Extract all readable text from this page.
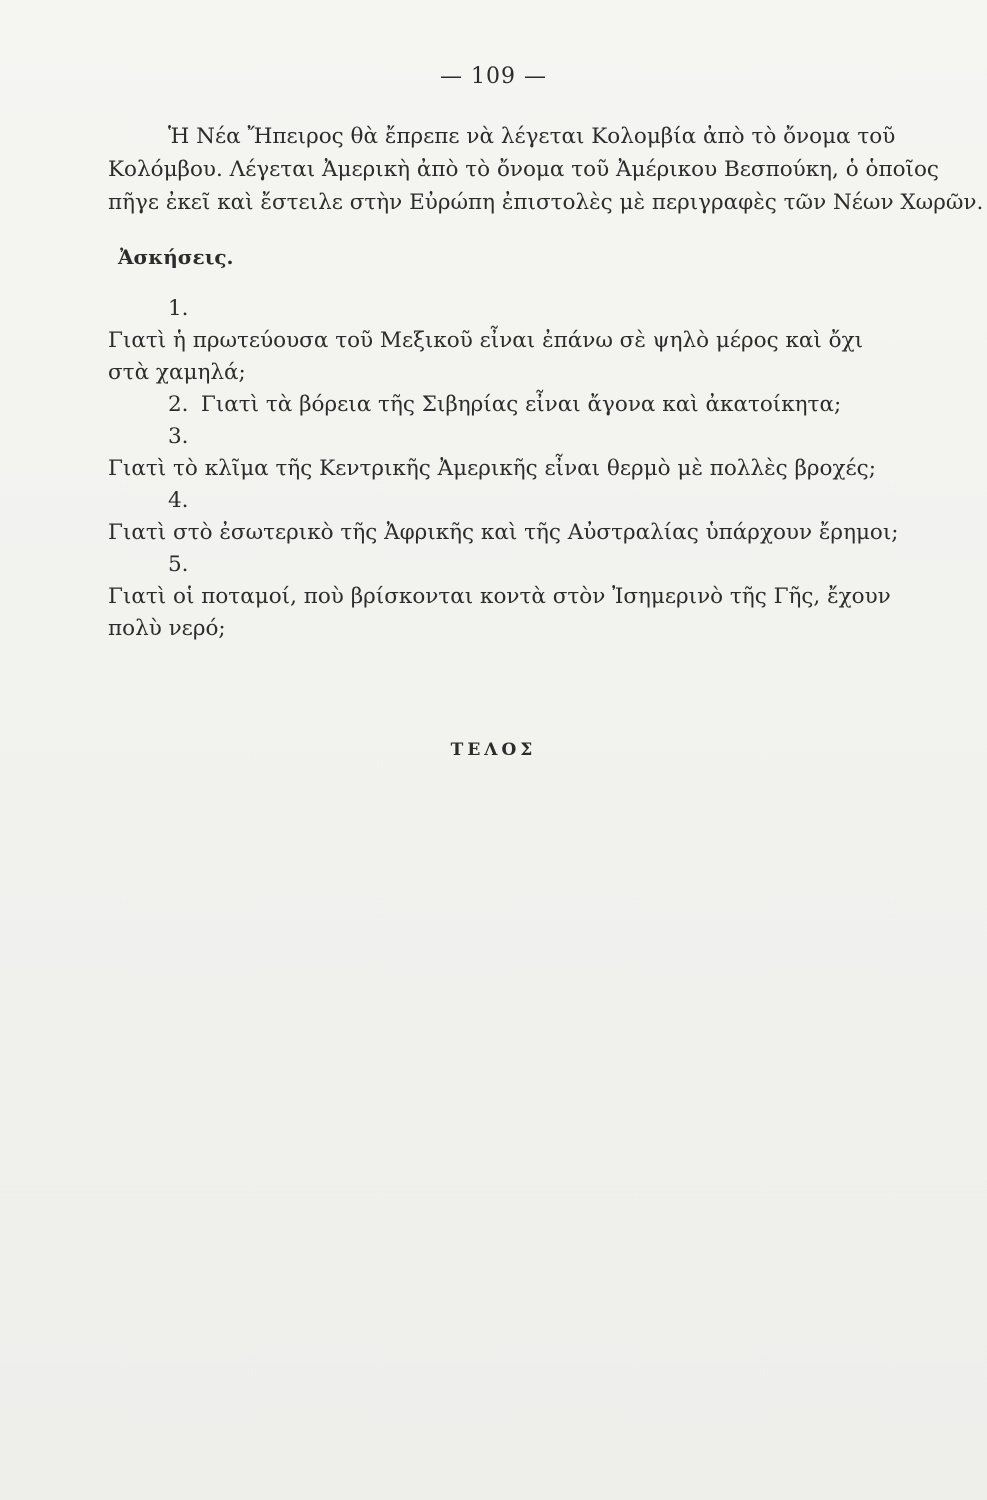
— 109 —

Ἡ Νέα Ἤπειρος θὰ ἔπρεπε νὰ λέγεται Κολομβία ἀπὸ τὸ ὄνομα τοῦ
Κολόμβου. Λέγεται Ἀμερικὴ ἀπὸ τὸ ὄνομα τοῦ Ἀμέρικου Βεσπούκη, ὁ ὁποῖος
πῆγε ἐκεῖ καὶ ἔστειλε στὴν Εὐρώπη ἐπιστολὲς μὲ περιγραφὲς τῶν Νέων Χωρῶν.

Ἀσκήσεις.
1. Γιατὶ ἡ πρωτεύουσα τοῦ Μεξικοῦ εἶναι ἐπάνω σὲ ψηλὸ μέρος καὶ ὄχι
στὰ χαμηλά;
2. Γιατὶ τὰ βόρεια τῆς Σιβηρίας εἶναι ἄγονα καὶ ἀκατοίκητα;
3. Γιατὶ τὸ κλῖμα τῆς Κεντρικῆς Ἀμερικῆς εἶναι θερμὸ μὲ πολλὲς βροχές;
4. Γιατὶ στὸ ἐσωτερικὸ τῆς Ἀφρικῆς καὶ τῆς Αὐστραλίας ὑπάρχουν ἔρημοι;
5. Γιατὶ οἱ ποταμοί, ποὺ βρίσκονται κοντὰ στὸν Ἰσημερινὸ τῆς Γῆς, ἔχουν
πολὺ νερό;

ΤΕΛΟΣ
